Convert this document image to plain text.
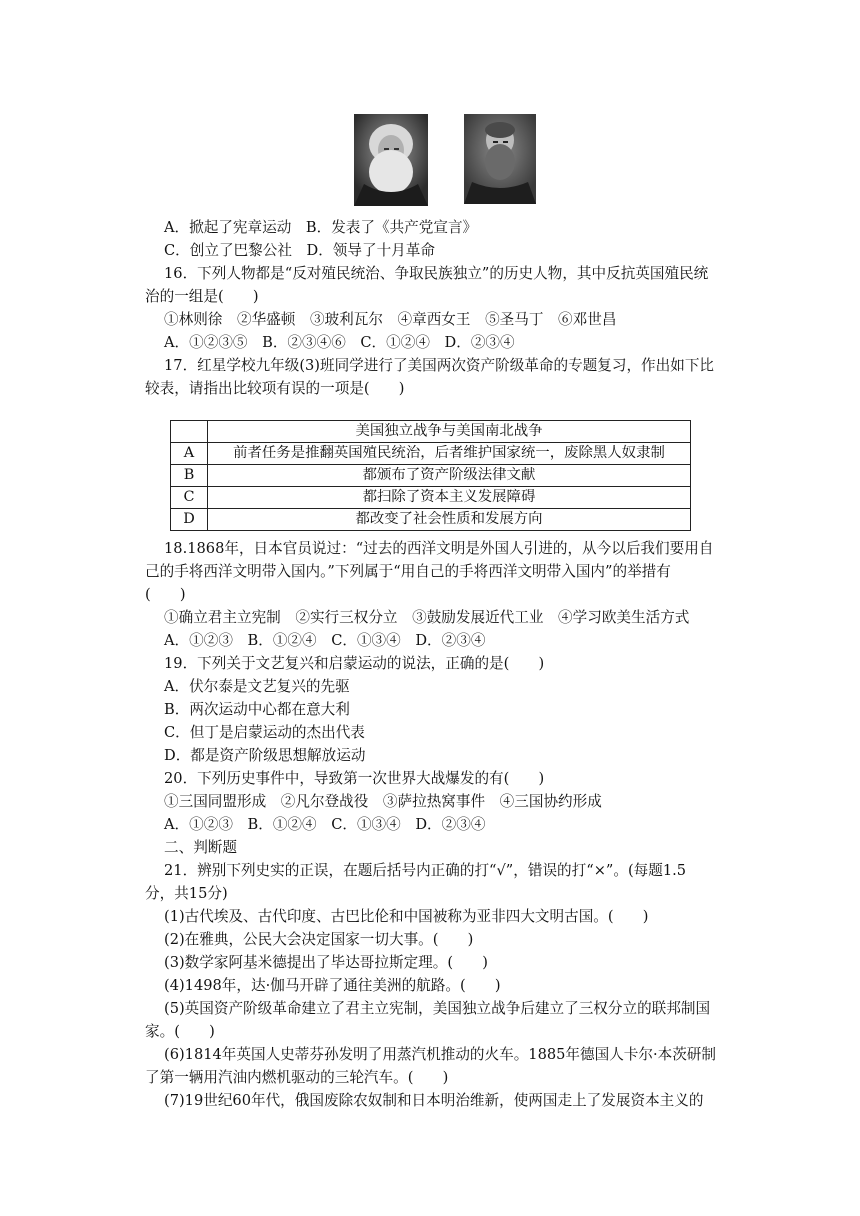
A．掀起了宪章运动　B．发表了《共产党宣言》
C．创立了巴黎公社　D．领导了十月革命
16．下列人物都是“反对殖民统治、争取民族独立”的历史人物，其中反抗英国殖民统
治的一组是(　　)
①林则徐　②华盛顿　③玻利瓦尔　④章西女王　⑤圣马丁　⑥邓世昌
A．①②③⑤　B．②③④⑥　C．①②④　D．②③④
17．红星学校九年级(3)班同学进行了美国两次资产阶级革命的专题复习，作出如下比
较表，请指出比较项有误的一项是(　　)
	美国独立战争与美国南北战争
A	前者任务是推翻英国殖民统治，后者维护国家统一，废除黑人奴隶制
B	都颁布了资产阶级法律文献
C	都扫除了资本主义发展障碍
D	都改变了社会性质和发展方向
18.1868年，日本官员说过：“过去的西洋文明是外国人引进的，从今以后我们要用自
己的手将西洋文明带入国内。”下列属于“用自己的手将西洋文明带入国内”的举措有
(　　)
①确立君主立宪制　②实行三权分立　③鼓励发展近代工业　④学习欧美生活方式
A．①②③　B．①②④　C．①③④　D．②③④
19．下列关于文艺复兴和启蒙运动的说法，正确的是(　　)
A．伏尔泰是文艺复兴的先驱
B．两次运动中心都在意大利
C．但丁是启蒙运动的杰出代表
D．都是资产阶级思想解放运动
20．下列历史事件中，导致第一次世界大战爆发的有(　　)
①三国同盟形成　②凡尔登战役　③萨拉热窝事件　④三国协约形成
A．①②③　B．①②④　C．①③④　D．②③④
二、判断题
21．辨别下列史实的正误，在题后括号内正确的打“√”，错误的打“×”。(每题1.5
分，共15分)
(1)古代埃及、古代印度、古巴比伦和中国被称为亚非四大文明古国。(　　)
(2)在雅典，公民大会决定国家一切大事。(　　)
(3)数学家阿基米德提出了毕达哥拉斯定理。(　　)
(4)1498年，达·伽马开辟了通往美洲的航路。(　　)
(5)英国资产阶级革命建立了君主立宪制，美国独立战争后建立了三权分立的联邦制国
家。(　　)
(6)1814年英国人史蒂芬孙发明了用蒸汽机推动的火车。1885年德国人卡尔·本茨研制
了第一辆用汽油内燃机驱动的三轮汽车。(　　)
(7)19世纪60年代，俄国废除农奴制和日本明治维新，使两国走上了发展资本主义的
